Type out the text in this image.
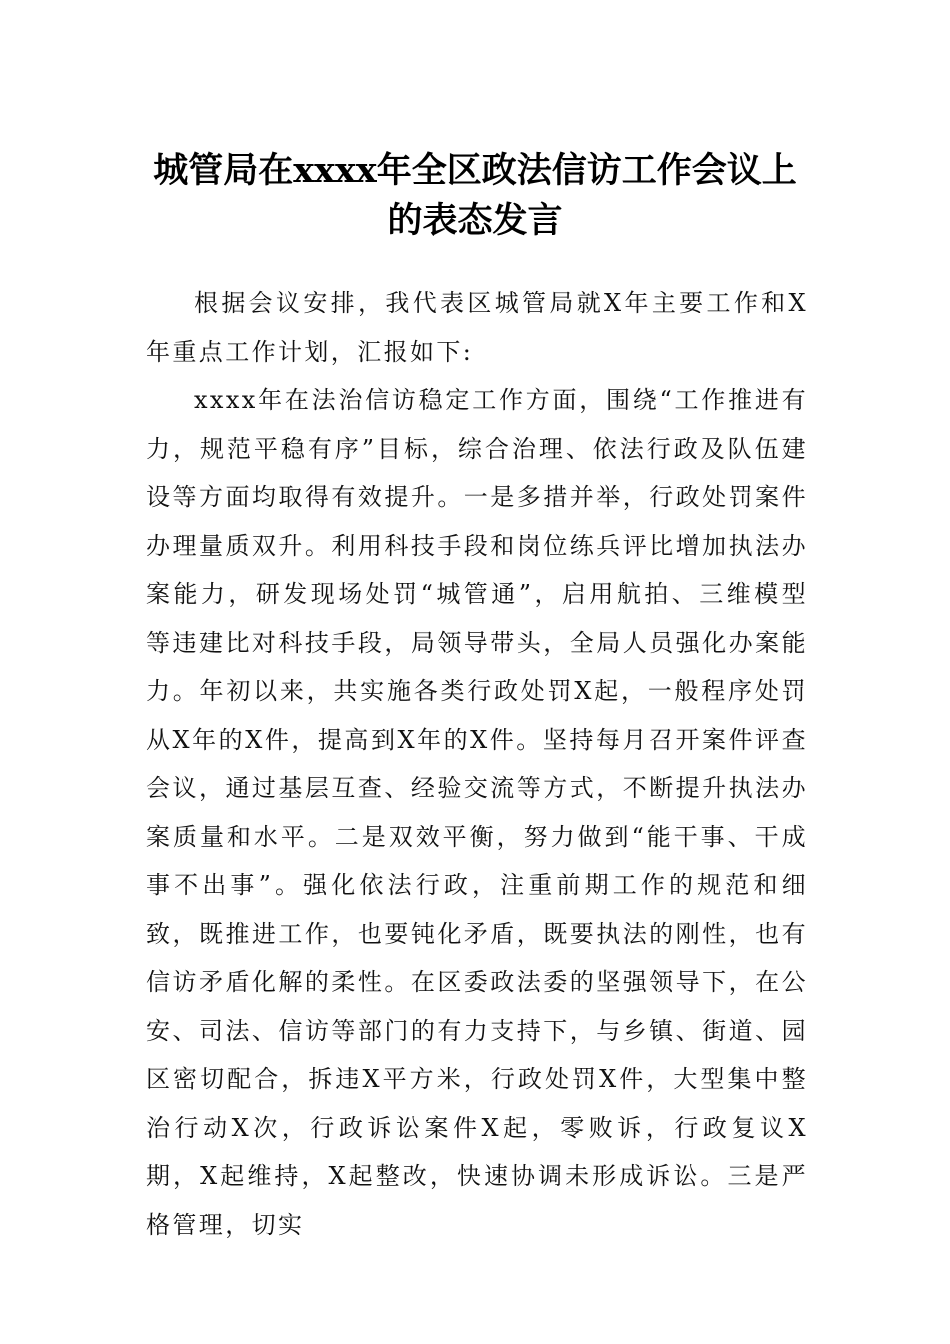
城管局在xxxx年全区政法信访工作会议上的表态发言

根据会议安排，我代表区城管局就X年主要工作和X年重点工作计划，汇报如下:

xxxx年在法治信访稳定工作方面，围绕“工作推进有力，规范平稳有序”目标，综合治理、依法行政及队伍建设等方面均取得有效提升。一是多措并举，行政处罚案件办理量质双升。利用科技手段和岗位练兵评比增加执法办案能力，研发现场处罚“城管通”，启用航拍、三维模型等违建比对科技手段，局领导带头，全局人员强化办案能力。年初以来，共实施各类行政处罚X起，一般程序处罚从X年的X件，提高到X年的X件。坚持每月召开案件评查会议，通过基层互查、经验交流等方式，不断提升执法办案质量和水平。二是双效平衡，努力做到“能干事、干成事不出事”。强化依法行政，注重前期工作的规范和细致，既推进工作，也要钝化矛盾，既要执法的刚性，也有信访矛盾化解的柔性。在区委政法委的坚强领导下，在公安、司法、信访等部门的有力支持下，与乡镇、街道、园区密切配合，拆违X平方米，行政处罚X件，大型集中整治行动X次，行政诉讼案件X起，零败诉，行政复议X期，X起维持，X起整改，快速协调未形成诉讼。三是严格管理，切实
